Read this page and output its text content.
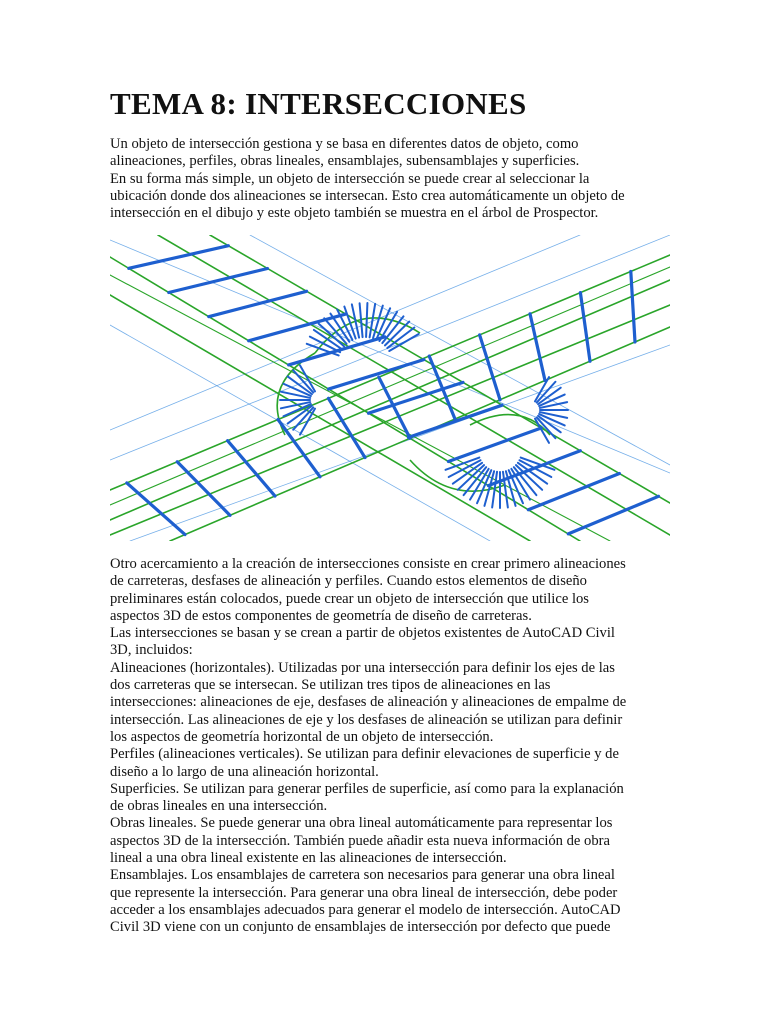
TEMA 8: INTERSECCIONES
Un objeto de intersección gestiona y se basa en diferentes datos de objeto, como
alineaciones, perfiles, obras lineales, ensamblajes, subensamblajes y superficies.
En su forma más simple, un objeto de intersección se puede crear al seleccionar la
ubicación donde dos alineaciones se intersecan. Esto crea automáticamente un objeto de
intersección en el dibujo y este objeto también se muestra en el árbol de Prospector.
Otro acercamiento a la creación de intersecciones consiste en crear primero alineaciones
de carreteras, desfases de alineación y perfiles. Cuando estos elementos de diseño
preliminares están colocados, puede crear un objeto de intersección que utilice los
aspectos 3D de estos componentes de geometría de diseño de carreteras.
Las intersecciones se basan y se crean a partir de objetos existentes de AutoCAD Civil
3D, incluidos:
Alineaciones (horizontales). Utilizadas por una intersección para definir los ejes de las
dos carreteras que se intersecan. Se utilizan tres tipos de alineaciones en las
intersecciones: alineaciones de eje, desfases de alineación y alineaciones de empalme de
intersección. Las alineaciones de eje y los desfases de alineación se utilizan para definir
los aspectos de geometría horizontal de un objeto de intersección.
Perfiles (alineaciones verticales). Se utilizan para definir elevaciones de superficie y de
diseño a lo largo de una alineación horizontal.
Superficies. Se utilizan para generar perfiles de superficie, así como para la explanación
de obras lineales en una intersección.
Obras lineales. Se puede generar una obra lineal automáticamente para representar los
aspectos 3D de la intersección. También puede añadir esta nueva información de obra
lineal a una obra lineal existente en las alineaciones de intersección.
Ensamblajes. Los ensamblajes de carretera son necesarios para generar una obra lineal
que represente la intersección. Para generar una obra lineal de intersección, debe poder
acceder a los ensamblajes adecuados para generar el modelo de intersección. AutoCAD
Civil 3D viene con un conjunto de ensamblajes de intersección por defecto que puede
